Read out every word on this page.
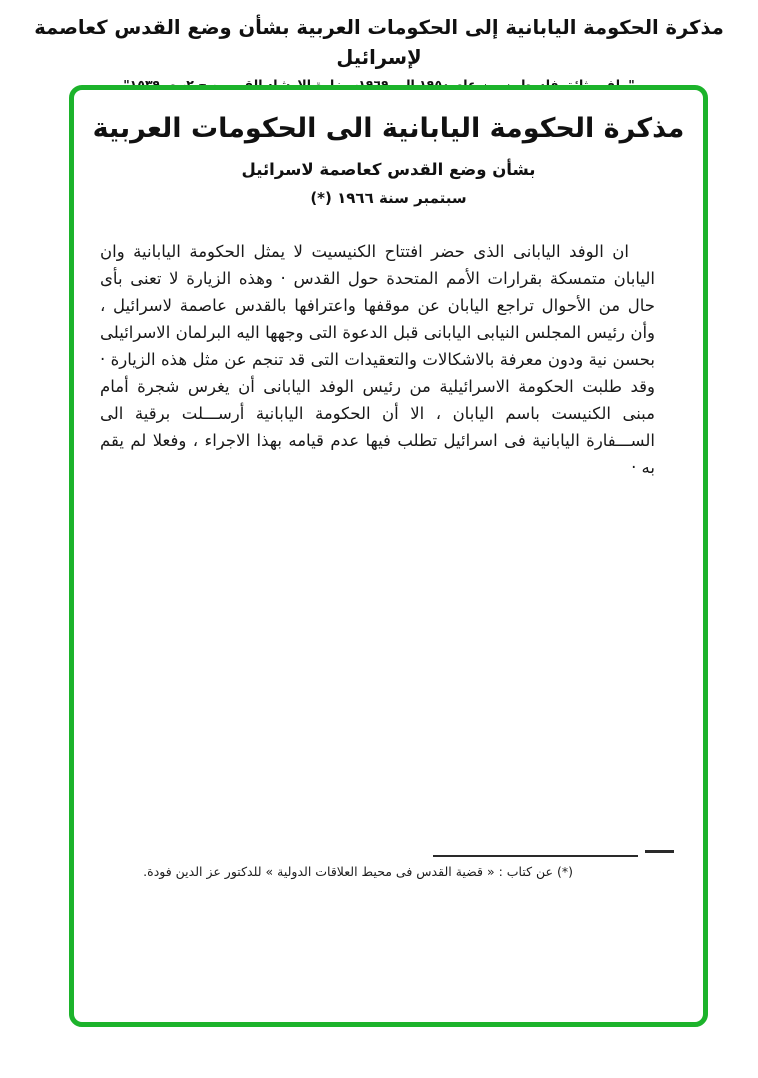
مذكرة الحكومة اليابانية إلى الحكومات العربية بشأن وضع القدس كعاصمة لإسرائيل
مذكرة الحكومة اليابانية الى الحكومات العربية
بشأن وضع القدس كعاصمة لاسرائيل
سبتمبر سنة ١٩٦٦ (*)

ان الوفد اليابانى الذى حضر افتتاح الكنيسيت لا يمثل الحكومة اليابانية وان اليابان متمسكة بقرارات الأمم المتحدة حول القدس · وهذه الزيارة لا تعنى بأى حال من الأحوال تراجع اليابان عن موقفها واعترافها بالقدس عاصمة لاسرائيل ، وأن رئيس المجلس النيابى اليابانى قبل الدعوة التى وجهها اليه البرلمان الاسرائيلى بحسن نية ودون معرفة بالاشكالات والتعقيدات التى قد تنجم عن مثل هذه الزيارة · وقد طلبت الحكومة الاسرائيلية من رئيس الوفد اليابانى أن يغرس شجرة أمام مبنى الكنيست باسم اليابان ، الا أن الحكومة اليابانية أرســـلت برقية الى الســـفارة اليابانية فى اسرائيل تطلب فيها عدم قيامه بهذا الاجراء ، وفعلا لم يقم به ·

(*) عن كتاب : « قضية القدس فى محيط العلاقات الدولية » للدكتور عز الدين فودة.
